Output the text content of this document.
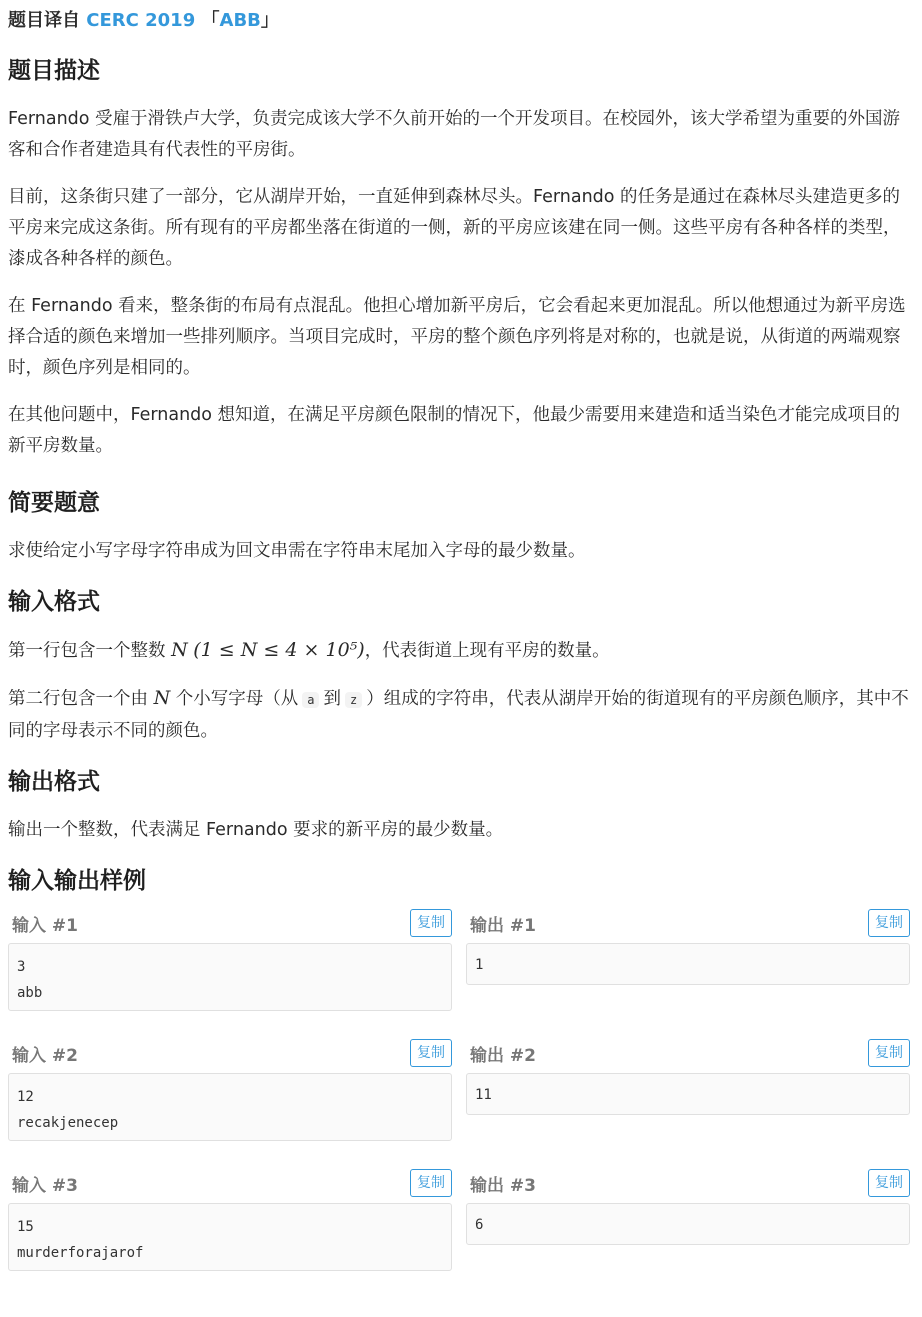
题目译自 CERC 2019 「ABB」
题目描述

Fernando 受雇于滑铁卢大学，负责完成该大学不久前开始的一个开发项目。在校园外，该大学希望为重要的外国游客和合作者建造具有代表性的平房街。

目前，这条街只建了一部分，它从湖岸开始，一直延伸到森林尽头。Fernando 的任务是通过在森林尽头建造更多的平房来完成这条街。所有现有的平房都坐落在街道的一侧，新的平房应该建在同一侧。这些平房有各种各样的类型，漆成各种各样的颜色。

在 Fernando 看来，整条街的布局有点混乱。他担心增加新平房后，它会看起来更加混乱。所以他想通过为新平房选择合适的颜色来增加一些排列顺序。当项目完成时，平房的整个颜色序列将是对称的，也就是说，从街道的两端观察时，颜色序列是相同的。

在其他问题中，Fernando 想知道，在满足平房颜色限制的情况下，他最少需要用来建造和适当染色才能完成项目的新平房数量。

简要题意

求使给定小写字母字符串成为回文串需在字符串末尾加入字母的最少数量。

输入格式

第一行包含一个整数 N (1 ≤ N ≤ 4 × 10⁵)，代表街道上现有平房的数量。

第二行包含一个由 N 个小写字母（从 a 到 z ）组成的字符串，代表从湖岸开始的街道现有的平房颜色顺序，其中不同的字母表示不同的颜色。

输出格式

输出一个整数，代表满足 Fernando 要求的新平房的最少数量。

输入输出样例
输入 #1	复制
3
abb
输出 #1	复制
1
输入 #2	复制
12
recakjenecep
输出 #2	复制
11
输入 #3	复制
15
murderforajarof
输出 #3	复制
6
